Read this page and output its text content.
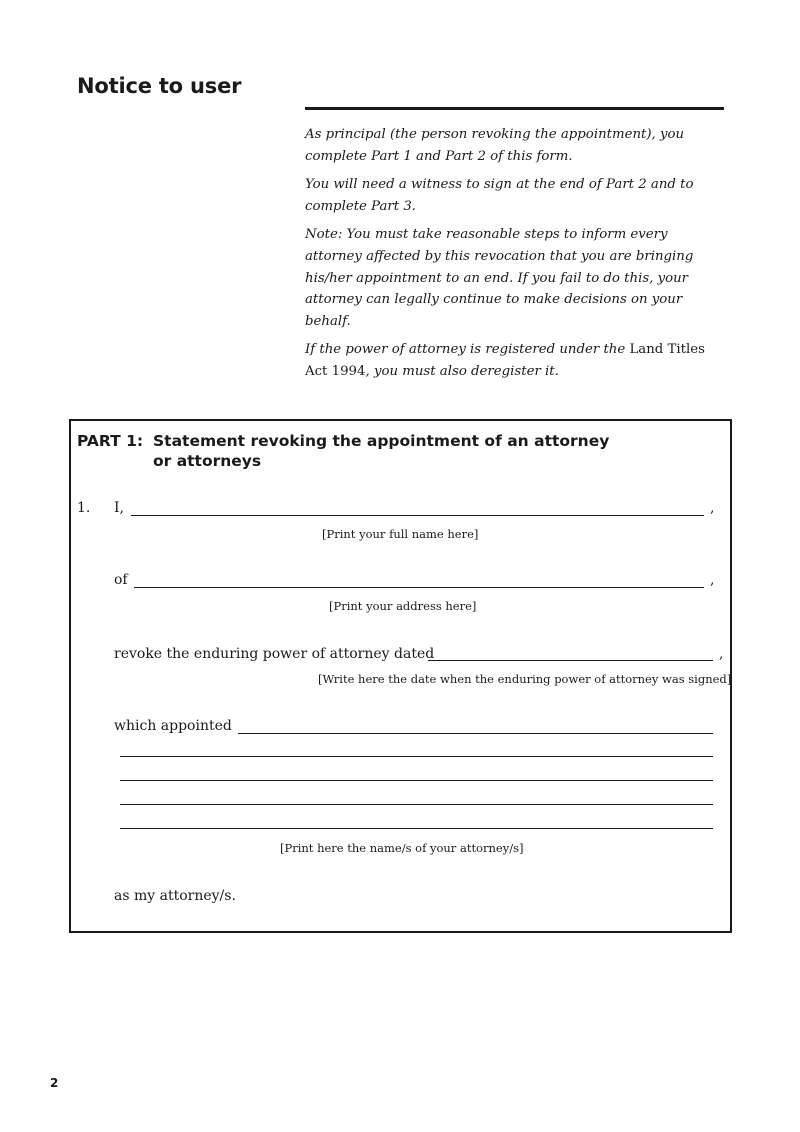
Notice to user

As principal (the person revoking the appointment), you complete Part 1 and Part 2 of this form.

You will need a witness to sign at the end of Part 2 and to complete Part 3.

Note: You must take reasonable steps to inform every attorney affected by this revocation that you are bringing his/her appointment to an end. If you fail to do this, your attorney can legally continue to make decisions on your behalf.

If the power of attorney is registered under the Land Titles Act 1994, you must also deregister it.

PART 1: Statement revoking the appointment of an attorney
or attorneys
1. I,	,
[Print your full name here]
of	,
[Print your address here]
revoke the enduring power of attorney dated	,
[Write here the date when the enduring power of attorney was signed]
which appointed
[Print here the name/s of your attorney/s]
as my attorney/s.
2
